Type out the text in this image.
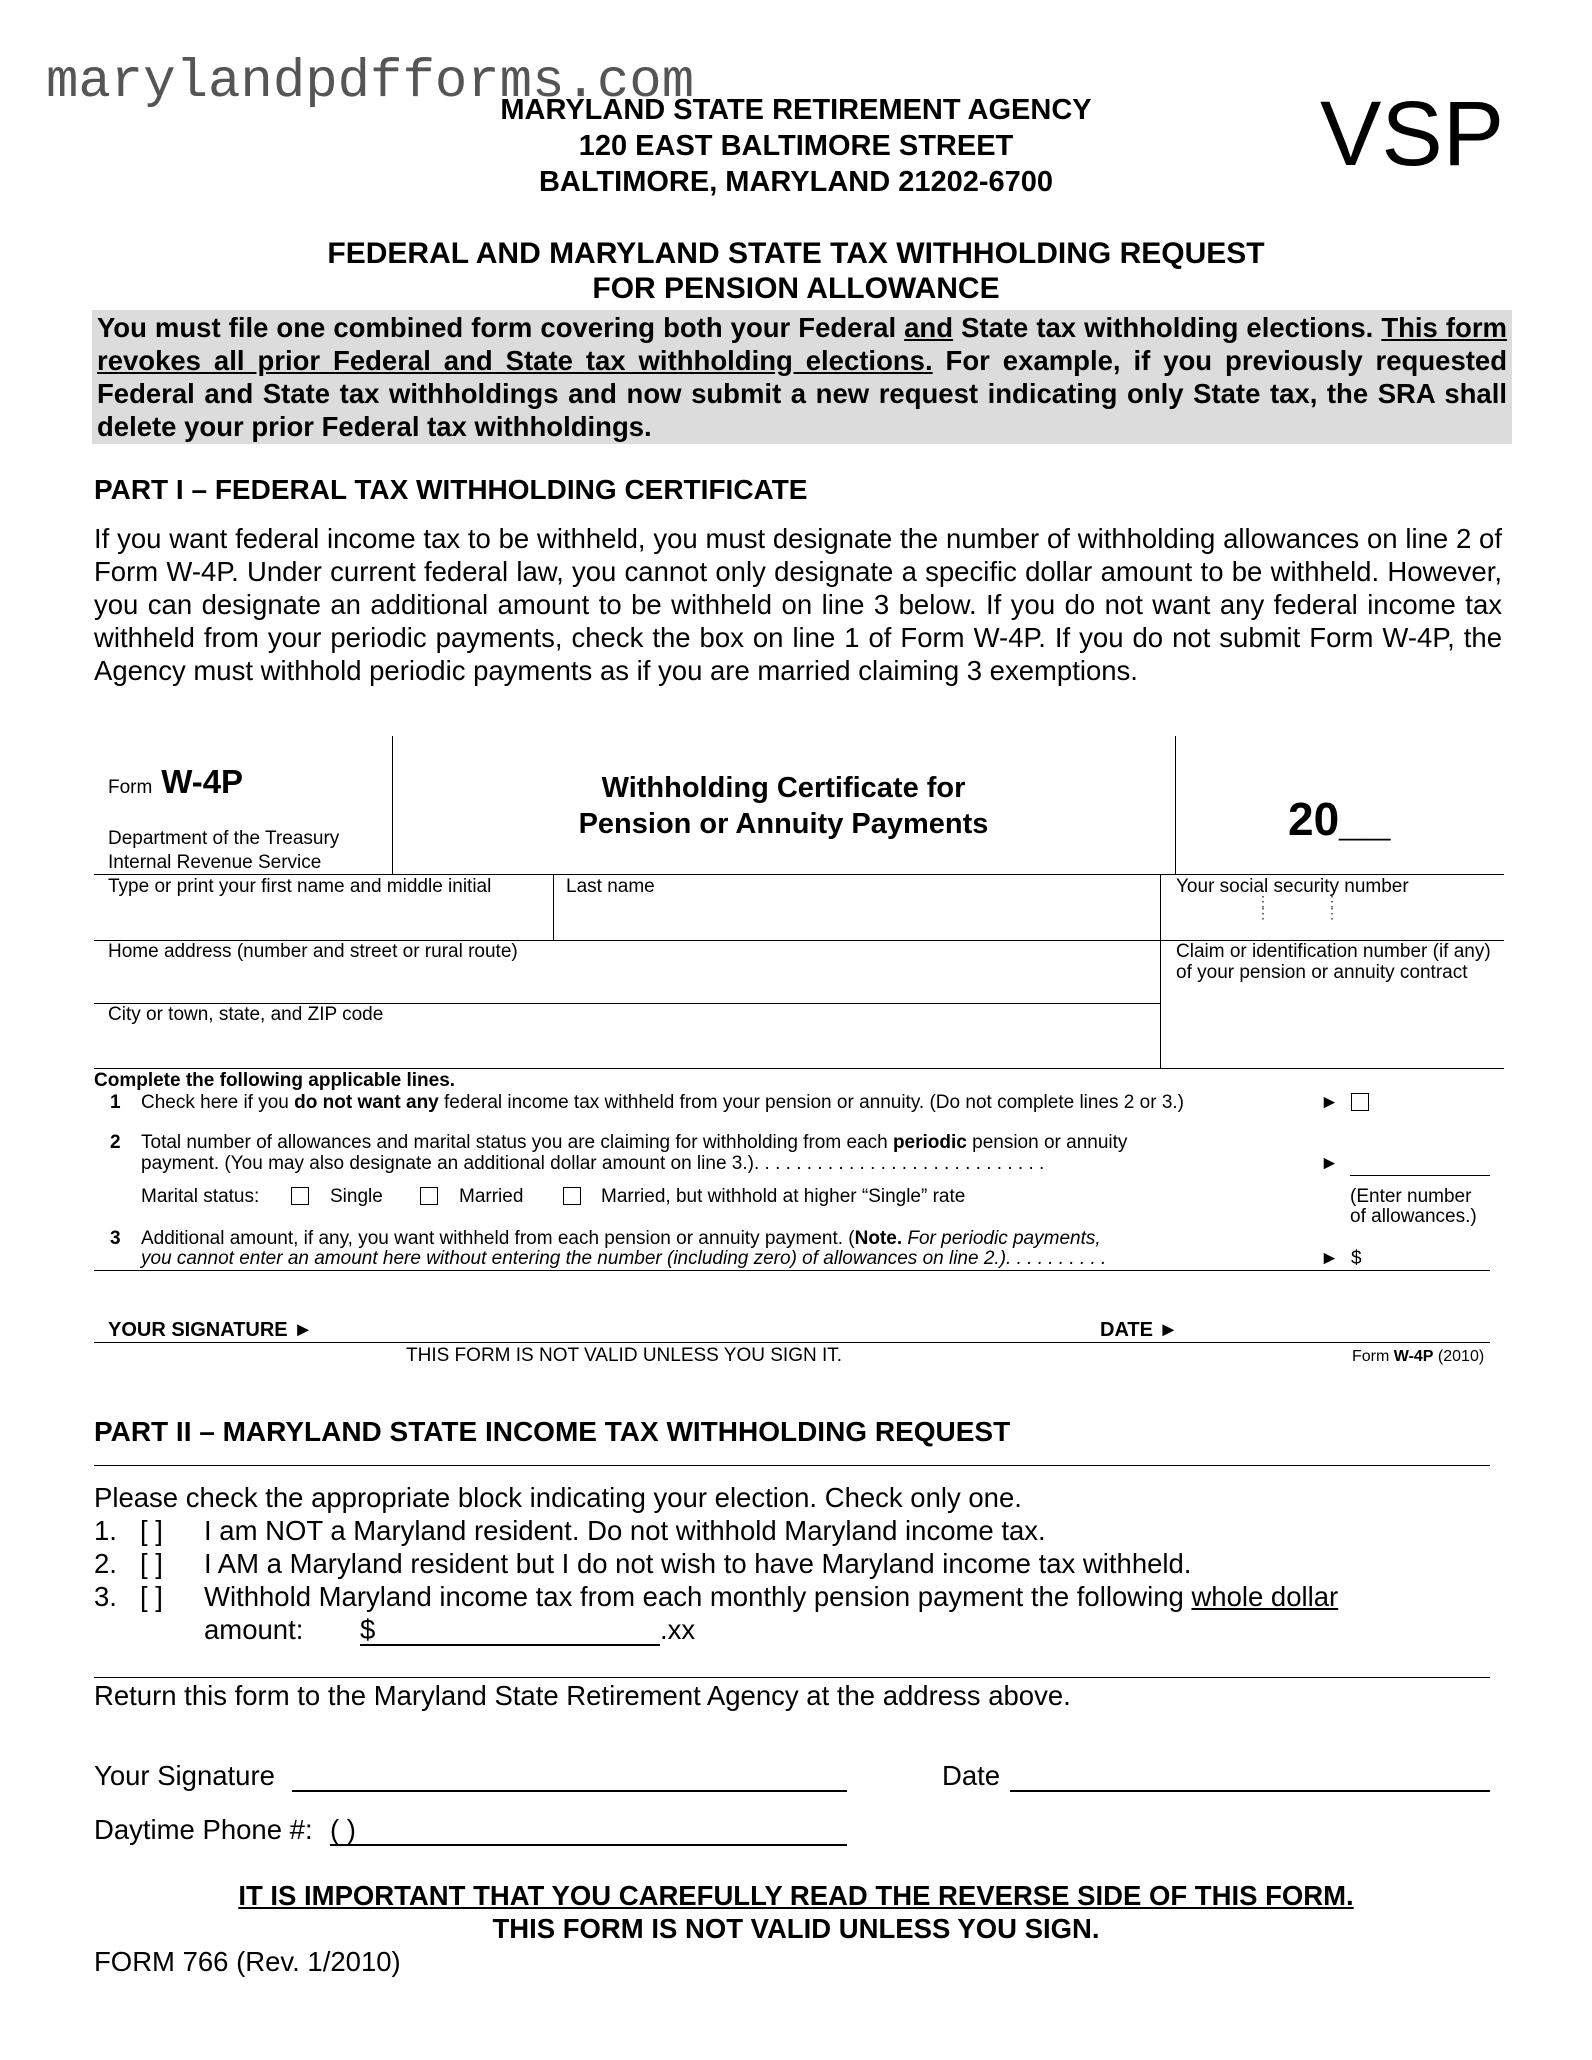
marylandpdfforms.com
VSP
MARYLAND STATE RETIREMENT AGENCY
120 EAST BALTIMORE STREET
BALTIMORE, MARYLAND 21202-6700
FEDERAL AND MARYLAND STATE TAX WITHHOLDING REQUEST
FOR PENSION ALLOWANCE
You must file one combined form covering both your Federal and State tax withholding elections. This form revokes all prior Federal and State tax withholding elections. For example, if you previously requested Federal and State tax withholdings and now submit a new request indicating only State tax, the SRA shall delete your prior Federal tax withholdings.
PART I – FEDERAL TAX WITHHOLDING CERTIFICATE
If you want federal income tax to be withheld, you must designate the number of withholding allowances on line 2 of Form W-4P. Under current federal law, you cannot only designate a specific dollar amount to be withheld. However, you can designate an additional amount to be withheld on line 3 below. If you do not want any federal income tax withheld from your periodic payments, check the box on line 1 of Form W-4P. If you do not submit Form W-4P, the Agency must withhold periodic payments as if you are married claiming 3 exemptions.
Form W-4P
Department of the Treasury
Internal Revenue Service
Withholding Certificate for
Pension or Annuity Payments	20__
Type or print your first name and middle initial	Last name	Your social security number
⋮
⋮
⋮
⋮
Home address (number and street or rural route)	Claim or identification number (if any) of your pension or annuity contract
City or town, state, and ZIP code
Complete the following applicable lines.
1 Check here if you do not want any federal income tax withheld from your pension or annuity. (Do not complete lines 2 or 3.)	►
2 Total number of allowances and marital status you are claiming for withholding from each periodic pension or annuity
payment. (You may also designate an additional dollar amount on line 3.). . . . . . . . . . . . . . . . . . . . . . . . . . . .	►
Marital status:	Single	Married	Married, but withhold at higher “Single” rate	(Enter number
of allowances.)
3 Additional amount, if any, you want withheld from each pension or annuity payment. (Note. For periodic payments,
you cannot enter an amount here without entering the number (including zero) of allowances on line 2.). . . . . . . . . .	► $
YOUR SIGNATURE ►	DATE ►
THIS FORM IS NOT VALID UNLESS YOU SIGN IT.	Form W-4P (2010)
PART II – MARYLAND STATE INCOME TAX WITHHOLDING REQUEST
Please check the appropriate block indicating your election. Check only one.
1. [ ] I am NOT a Maryland resident. Do not withhold Maryland income tax.
2. [ ] I AM a Maryland resident but I do not wish to have Maryland income tax withheld.
3. [ ] Withhold Maryland income tax from each monthly pension payment the following whole dollar
amount: $	.xx
Return this form to the Maryland State Retirement Agency at the address above.
Your Signature	Date
Daytime Phone #: ( )
IT IS IMPORTANT THAT YOU CAREFULLY READ THE REVERSE SIDE OF THIS FORM.
THIS FORM IS NOT VALID UNLESS YOU SIGN.
FORM 766 (Rev. 1/2010)
